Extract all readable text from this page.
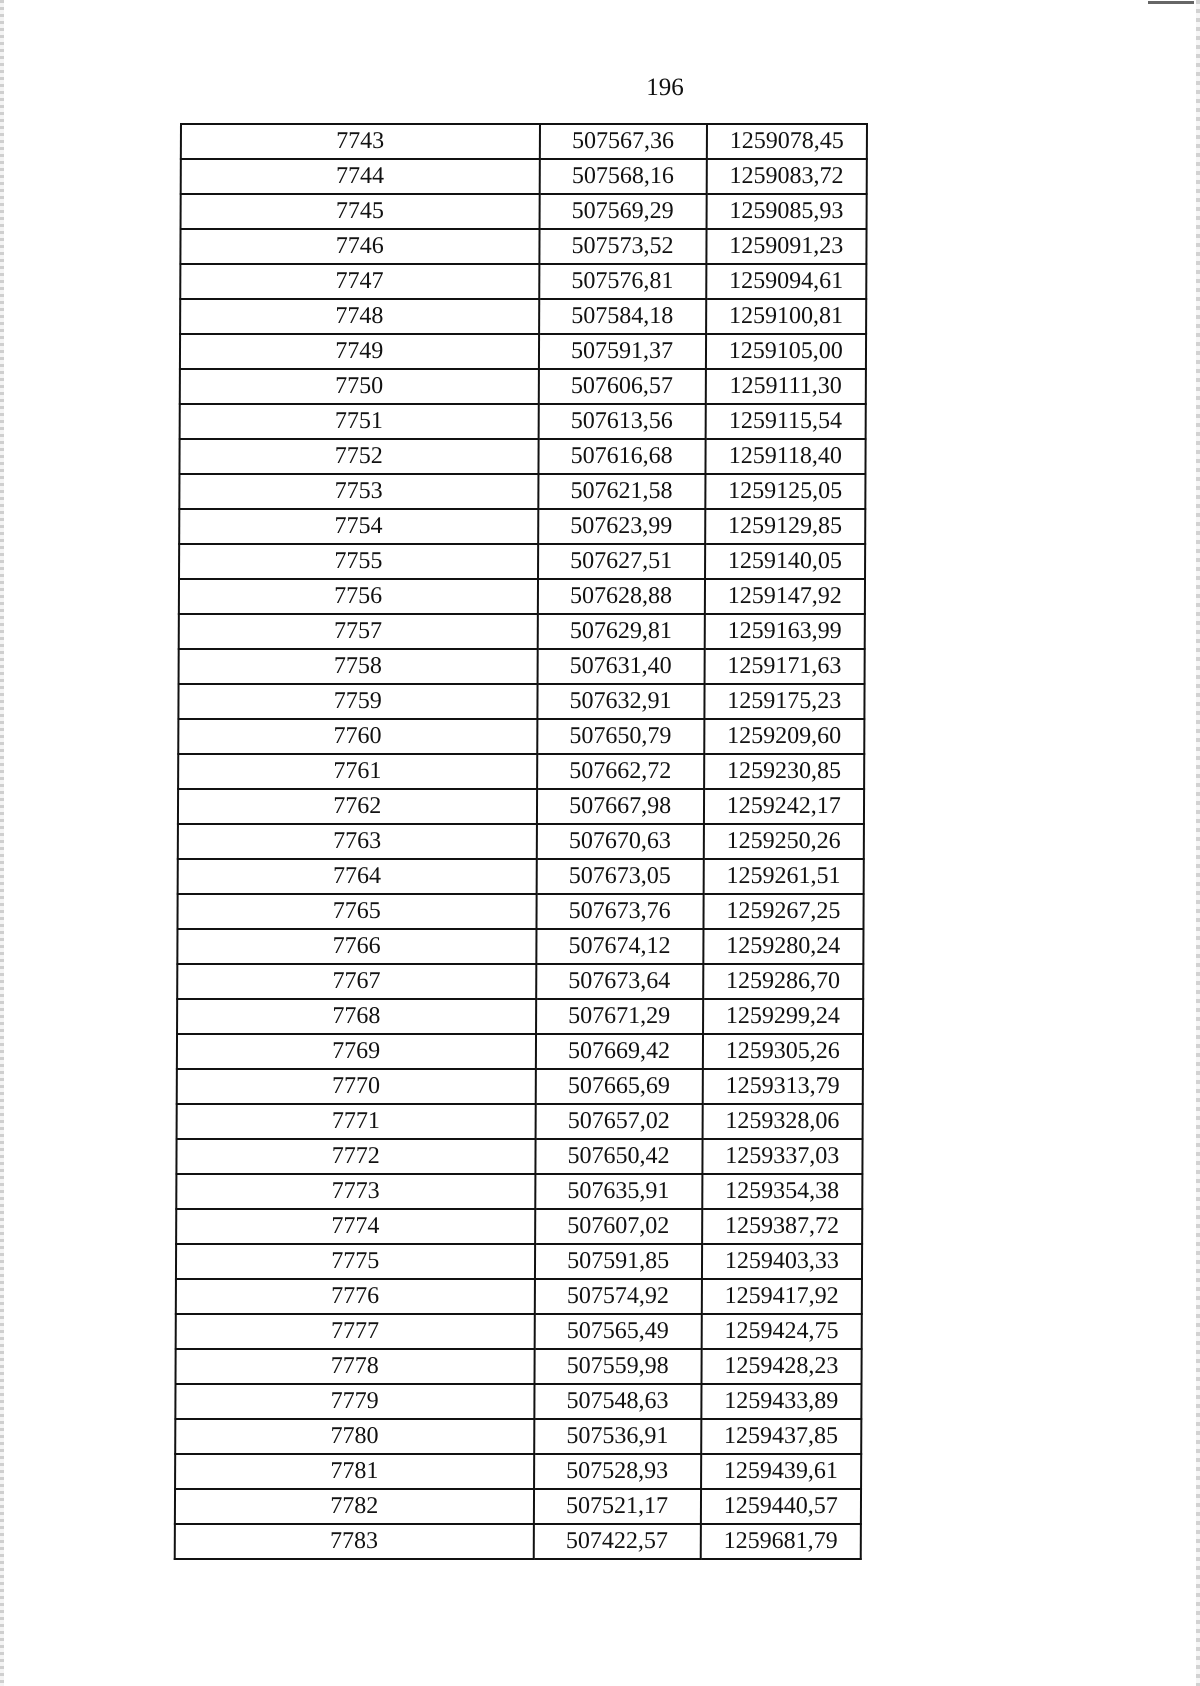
196
7743	507567,36	1259078,45
7744	507568,16	1259083,72
7745	507569,29	1259085,93
7746	507573,52	1259091,23
7747	507576,81	1259094,61
7748	507584,18	1259100,81
7749	507591,37	1259105,00
7750	507606,57	1259111,30
7751	507613,56	1259115,54
7752	507616,68	1259118,40
7753	507621,58	1259125,05
7754	507623,99	1259129,85
7755	507627,51	1259140,05
7756	507628,88	1259147,92
7757	507629,81	1259163,99
7758	507631,40	1259171,63
7759	507632,91	1259175,23
7760	507650,79	1259209,60
7761	507662,72	1259230,85
7762	507667,98	1259242,17
7763	507670,63	1259250,26
7764	507673,05	1259261,51
7765	507673,76	1259267,25
7766	507674,12	1259280,24
7767	507673,64	1259286,70
7768	507671,29	1259299,24
7769	507669,42	1259305,26
7770	507665,69	1259313,79
7771	507657,02	1259328,06
7772	507650,42	1259337,03
7773	507635,91	1259354,38
7774	507607,02	1259387,72
7775	507591,85	1259403,33
7776	507574,92	1259417,92
7777	507565,49	1259424,75
7778	507559,98	1259428,23
7779	507548,63	1259433,89
7780	507536,91	1259437,85
7781	507528,93	1259439,61
7782	507521,17	1259440,57
7783	507422,57	1259681,79
